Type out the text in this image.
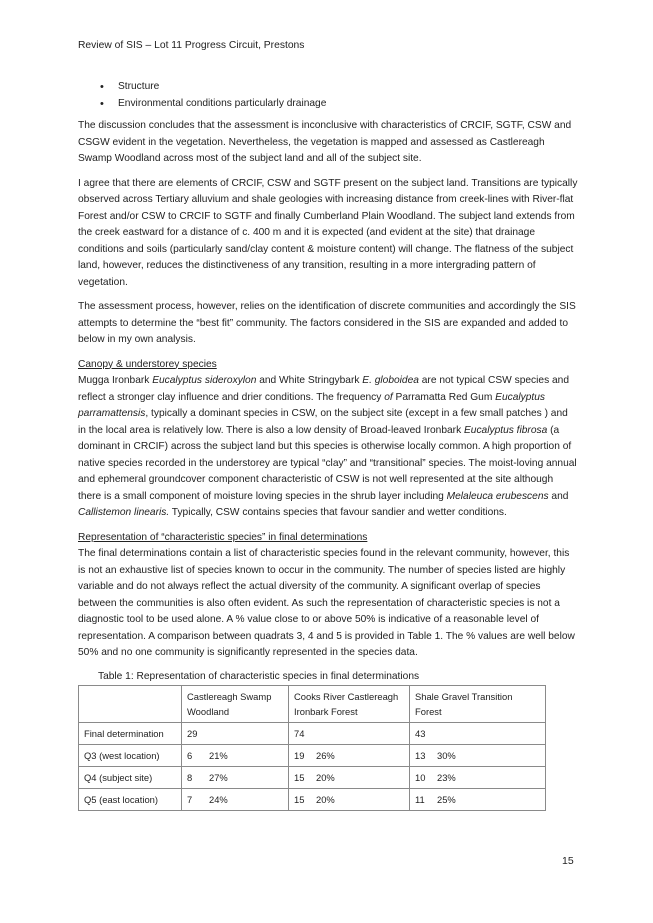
Review of SIS – Lot 11 Progress Circuit, Prestons
• Structure
• Environmental conditions particularly drainage

The discussion concludes that the assessment is inconclusive with characteristics of CRCIF, SGTF, CSW and CSGW evident in the vegetation. Nevertheless, the vegetation is mapped and assessed as Castlereagh Swamp Woodland across most of the subject land and all of the subject site.

I agree that there are elements of CRCIF, CSW and SGTF present on the subject land. Transitions are typically observed across Tertiary alluvium and shale geologies with increasing distance from creek-lines with River-flat Forest and/or CSW to CRCIF to SGTF and finally Cumberland Plain Woodland. The subject land extends from the creek eastward for a distance of c. 400 m and it is expected (and evident at the site) that drainage conditions and soils (particularly sand/clay content & moisture content) will change. The flatness of the subject land, however, reduces the distinctiveness of any transition, resulting in a more intergrading pattern of vegetation.

The assessment process, however, relies on the identification of discrete communities and accordingly the SIS attempts to determine the “best fit” community. The factors considered in the SIS are expanded and added to below in my own analysis.

Canopy & understorey species

Mugga Ironbark Eucalyptus sideroxylon and White Stringybark E. globoidea are not typical CSW species and reflect a stronger clay influence and drier conditions. The frequency of Parramatta Red Gum Eucalyptus parramattensis, typically a dominant species in CSW, on the subject site (except in a few small patches ) and in the local area is relatively low. There is also a low density of Broad-leaved Ironbark Eucalyptus fibrosa (a dominant in CRCIF) across the subject land but this species is otherwise locally common. A high proportion of native species recorded in the understorey are typical “clay” and “transitional” species. The moist-loving annual and ephemeral groundcover component characteristic of CSW is not well represented at the site although there is a small component of moisture loving species in the shrub layer including Melaleuca erubescens and Callistemon linearis. Typically, CSW contains species that favour sandier and wetter conditions.

Representation of “characteristic species” in final determinations

The final determinations contain a list of characteristic species found in the relevant community, however, this is not an exhaustive list of species known to occur in the community. The number of species listed are highly variable and do not always reflect the actual diversity of the community. A significant overlap of species between the communities is also often evident. As such the representation of characteristic species is not a diagnostic tool to be used alone. A % value close to or above 50% is indicative of a reasonable level of representation. A comparison between quadrats 3, 4 and 5 is provided in Table 1. The % values are well below 50% and no one community is significantly represented in the species data.

Table 1: Representation of characteristic species in final determinations
	Castlereagh Swamp Woodland	Cooks River Castlereagh Ironbark Forest	Shale Gravel Transition Forest
Final determination	29	74	43
Q3 (west location)	6 21%	19 26%	13 30%
Q4 (subject site)	8 27%	15 20%	10 23%
Q5 (east location)	7 24%	15 20%	11 25%
15
